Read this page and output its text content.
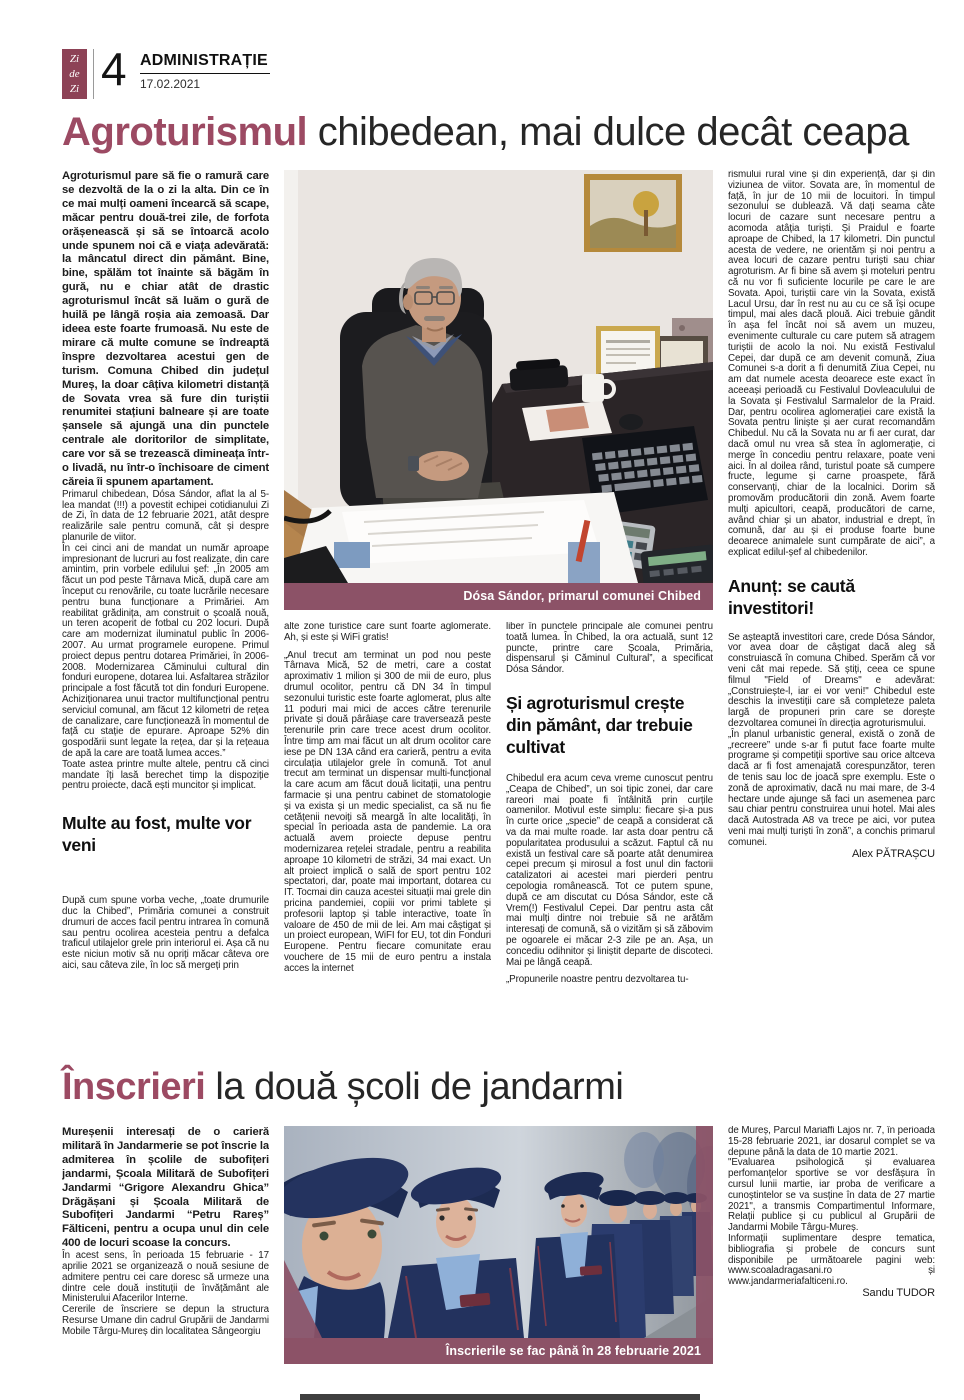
Zi
de
Zi 4 ADMINISTRAȚIE
17.02.2021
Agroturismul chibedean, mai dulce decât ceapa

Agroturismul pare să fie o ramură care se dezvoltă de la o zi la alta. Din ce în ce mai mulți oameni încearcă să scape, măcar pentru două-trei zile, de forfota orășenească și să se întoarcă acolo unde spunem noi că e viața adevărată: la mâncatul direct din pământ. Bine, bine, spălăm tot înainte să băgăm în gură, nu e chiar atât de drastic agroturismul încât să luăm o gură de huilă pe lângă roșia aia zemoasă. Dar ideea este foarte frumoasă. Nu este de mirare că multe comune se îndreaptă înspre dezvoltarea acestui gen de turism. Comuna Chibed din județul Mureș, la doar câțiva kilometri distanță de Sovata vrea să fure din turiștii renumitei stațiuni balneare și are toate șansele să ajungă una din punctele centrale ale doritorilor de simplitate, care vor să se trezească dimineața într-o livadă, nu într-o închisoare de ciment căreia îi spunem apartament.

Primarul chibedean, Dósa Sándor, aflat la al 5-lea mandat (!!!) a povestit echipei cotidianului Zi de Zi, în data de 12 februarie 2021, atât despre realizările sale pentru comună, cât și despre planurile de viitor.

În cei cinci ani de mandat un număr aproape impresionant de lucruri au fost realizate, din care amintim, prin vorbele edilului șef: „În 2005 am făcut un pod peste Târnava Mică, după care am început cu renovările, cu toate lucrările necesare pentru buna funcționare a Primăriei. Am reabilitat grădinița, am construit o școală nouă, un teren acoperit de fotbal cu 202 locuri. După care am modernizat iluminatul public în 2006-2007. Au urmat programele europene. Primul proiect depus pentru dotarea Primăriei, în 2006-2008. Modernizarea Căminului cultural din fonduri europene, dotarea lui. Asfaltarea străzilor principale a fost făcută tot din fonduri Europene. Achiziționarea unui tractor multifuncțional pentru serviciul comunal, am făcut 12 kilometri de rețea de canalizare, care funcționează în momentul de față cu stație de epurare. Aproape 52% din gospodării sunt legate la rețea, dar și la rețeaua de apă la care are toată lumea acces.”

Toate astea printre multe altele, pentru că cinci mandate îți lasă berechet timp la dispoziție pentru proiecte, dacă ești muncitor și implicat.

Multe au fost, multe vor veni

După cum spune vorba veche, „toate drumurile duc la Chibed”, Primăria comunei a construit drumuri de acces facil pentru intrarea în comună sau pentru ocolirea acesteia pentru a defalca traficul utilajelor grele prin interiorul ei. Așa că nu este niciun motiv să nu opriți măcar câteva ore aici, sau câteva zile, în loc să mergeți prin

Dósa Sándor, primarul comunei Chibed

alte zone turistice care sunt foarte aglomerate. Ah, și este și WiFi gratis!

„Anul trecut am terminat un pod nou peste Târnava Mică, 52 de metri, care a costat aproximativ 1 milion și 300 de mii de euro, plus drumul ocolitor, pentru că DN 34 în timpul sezonului turistic este foarte aglomerat, plus alte 11 poduri mai mici de acces către terenurile private și două pârâiașe care traversează peste terenurile prin care trece acest drum ocolitor. Între timp am mai făcut un alt drum ocolitor care iese pe DN 13A când era carieră, pentru a evita circulația utilajelor grele în comună. Tot anul trecut am terminat un dispensar multi-funcțional la care acum am făcut două licitații, una pentru farmacie și una pentru cabinet de stomatologie și va exista și un medic specialist, ca să nu fie cetățenii nevoiți să meargă în alte localități, în special în perioada asta de pandemie. La ora actuală avem proiecte depuse pentru modernizarea rețelei stradale, pentru a reabilita aproape 10 kilometri de străzi, 34 mai exact. Un alt proiect implică o sală de sport pentru 102 spectatori, dar, poate mai important, dotarea cu IT. Tocmai din cauza acestei situații mai grele din pricina pandemiei, copiii vor primi tablete și profesorii laptop și table interactive, toate în valoare de 450 de mii de lei. Am mai câștigat și un proiect european, WiFI for EU, tot din Fonduri Europene. Pentru fiecare comunitate erau vouchere de 15 mii de euro pentru a instala acces la internet

liber în punctele principale ale comunei pentru toată lumea. În Chibed, la ora actuală, sunt 12 puncte, printre care Școala, Primăria, dispensarul și Căminul Cultural”, a specificat Dósa Sándor.

Și agroturismul crește din pământ, dar trebuie cultivat

Chibedul era acum ceva vreme cunoscut pentru „Ceapa de Chibed”, un soi tipic zonei, dar care rareori mai poate fi întâlnită prin curțile oamenilor. Motivul este simplu: fiecare și-a pus în curte orice „specie” de ceapă a considerat că va da mai multe roade. Iar asta doar pentru că popularitatea produsului a scăzut. Faptul că nu există un festival care să poarte atât denumirea cepei precum și mirosul a fost unul din factorii catalizatori ai acestei mari pierderi pentru cepologia românească. Tot ce putem spune, după ce am discutat cu Dósa Sándor, este că Vrem(!) Festivalul Cepei. Dar pentru asta cât mai mulți dintre noi trebuie să ne arătăm interesați de comună, să o vizităm și să zăbovim pe ogoarele ei măcar 2-3 zile pe an. Așa, un concediu odihnitor și liniștit departe de discoteci. Mai pe lângă ceapă.

„Propunerile noastre pentru dezvoltarea tu-

rismului rural vine și din experiență, dar și din viziunea de viitor. Sovata are, în momentul de față, în jur de 10 mii de locuitori. În timpul sezonului se dublează. Vă dați seama câte locuri de cazare sunt necesare pentru a acomoda atâția turiști. Și Praidul e foarte aproape de Chibed, la 17 kilometri. Din punctul acesta de vedere, ne orientăm și noi pentru a avea locuri de cazare pentru turiști sau chiar agroturism. Ar fi bine să avem și moteluri pentru că nu vor fi suficiente locurile pe care le are Sovata. Apoi, turiștii care vin la Sovata, există Lacul Ursu, dar în rest nu au cu ce să își ocupe timpul, mai ales dacă plouă. Aici trebuie gândit în așa fel încât noi să avem un muzeu, evenimente culturale cu care putem să atragem turiștii de acolo la noi. Nu există Festivalul Cepei, dar după ce am devenit comună, Ziua Comunei s-a dorit a fi denumită Ziua Cepei, nu am dat numele acesta deoarece este exact în aceeași perioadă cu Festivalul Dovleaculului de la Sovata și Festivalul Sarmalelor de la Praid. Dar, pentru ocolirea aglomerației care există la Sovata pentru liniște și aer curat recomandăm Chibedul. Nu că la Sovata nu ar fi aer curat, dar dacă omul nu vrea să stea în aglomerație, ci merge în concediu pentru relaxare, poate veni aici. În al doilea rând, turistul poate să cumpere fructe, legume și carne proaspete, fără conservanți, chiar de la localnici. Dorim să promovăm producătorii din zonă. Avem foarte mulți apicultori, ceapă, producători de carne, având chiar și un abator, industrial e drept, în comună, dar au și ei produse foarte bune deoarece animalele sunt cumpărate de aici”, a explicat edilul-șef al chibedenilor.

Anunț: se caută investitori!

Se așteaptă investitori care, crede Dósa Sándor, vor avea doar de câștigat dacă aleg să construiască în comuna Chibed. Sperăm că vor veni cât mai repede. Să știți, ceea ce spune filmul "Field of Dreams" e adevărat: „Construiește-l, iar ei vor veni!" Chibedul este deschis la investiții care să completeze paleta largă de propuneri prin care se dorește dezvoltarea comunei în direcția agroturismului.

„În planul urbanistic general, există o zonă de „recreere” unde s-ar fi putut face foarte multe programe și competiții sportive sau orice altceva dacă ar fi fost amenajată corespunzător, teren de tenis sau loc de joacă spre exemplu. Este o zonă de aproximativ, dacă nu mai mare, de 3-4 hectare unde ajunge să faci un asemenea parc sau chiar pentru construirea unui hotel. Mai ales dacă Autostrada A8 va trece pe aici, vor putea veni mai mulți turiști în zonă”, a conchis primarul comunei.

Alex PĂTRAȘCU

Înscrieri la două școli de jandarmi

Mureșenii interesați de o carieră militară în Jandarmerie se pot înscrie la admiterea în școlile de subofițeri jandarmi, Școala Militară de Subofițeri Jandarmi “Grigore Alexandru Ghica” Drăgășani și Școala Militară de Subofițeri Jandarmi “Petru Rareș” Fălticeni, pentru a ocupa unul din cele 400 de locuri scoase la concurs.

În acest sens, în perioada 15 februarie - 17 aprilie 2021 se organizează o nouă sesiune de admitere pentru cei care doresc să urmeze una dintre cele două instituții de învățământ ale Ministerului Afacerilor Interne.

Cererile de înscriere se depun la structura Resurse Umane din cadrul Grupării de Jandarmi Mobile Târgu-Mureș din localitatea Sângeorgiu

Înscrierile se fac până în 28 februarie 2021

de Mureș, Parcul Mariaffi Lajos nr. 7, în perioada 15-28 februarie 2021, iar dosarul complet se va depune până la data de 10 martie 2021.

"Evaluarea psihologică și evaluarea perfomanțelor sportive se vor desfășura în cursul lunii martie, iar proba de verificare a cunoștintelor se va susține în data de 27 martie 2021", a transmis Compartimentul Informare, Relații publice și cu publicul al Grupării de Jandarmi Mobile Târgu-Mureș.

Informații suplimentare despre tematica, bibliografia și probele de concurs sunt disponibile pe următoarele pagini web: www.scoaladragasani.ro și www.jandarmeriafalticeni.ro.

Sandu TUDOR
